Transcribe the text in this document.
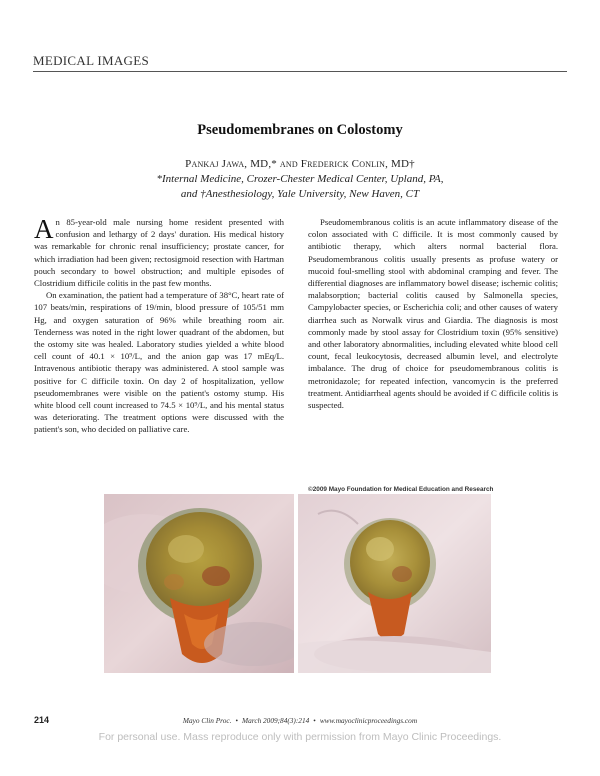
MEDICAL IMAGES
Pseudomembranes on Colostomy
Pankaj Jawa, MD,* and Frederick Conlin, MD†
*Internal Medicine, Crozer-Chester Medical Center, Upland, PA,
and †Anesthesiology, Yale University, New Haven, CT

An 85-year-old male nursing home resident presented with confusion and lethargy of 2 days' duration. His medical history was remarkable for chronic renal insufficiency; prostate cancer, for which irradiation had been given; rectosigmoid resection with Hartman pouch secondary to bowel obstruction; and multiple episodes of Clostridium difficile colitis in the past few months.

On examination, the patient had a temperature of 38°C, heart rate of 107 beats/min, respirations of 19/min, blood pressure of 105/51 mm Hg, and oxygen saturation of 96% while breathing room air. Tenderness was noted in the right lower quadrant of the abdomen, but the ostomy site was healed. Laboratory studies yielded a white blood cell count of 40.1 × 10⁹/L, and the anion gap was 17 mEq/L. Intravenous antibiotic therapy was administered. A stool sample was positive for C difficile toxin. On day 2 of hospitalization, yellow pseudomembranes were visible on the patient's ostomy stump. His white blood cell count increased to 74.5 × 10⁹/L, and his mental status was deteriorating. The treatment options were discussed with the patient's son, who decided on palliative care.

Pseudomembranous colitis is an acute inflammatory disease of the colon associated with C difficile. It is most commonly caused by antibiotic therapy, which alters normal bacterial flora. Pseudomembranous colitis usually presents as profuse watery or mucoid foul-smelling stool with abdominal cramping and fever. The differential diagnoses are inflammatory bowel disease; ischemic colitis; malabsorption; bacterial colitis caused by Salmonella species, Campylobacter species, or Escherichia coli; and other causes of watery diarrhea such as Norwalk virus and Giardia. The diagnosis is most commonly made by stool assay for Clostridium toxin (95% sensitive) and other laboratory abnormalities, including elevated white blood cell count, fecal leukocytosis, decreased albumin level, and electrolyte imbalance. The drug of choice for pseudomembranous colitis is metronidazole; for repeated infection, vancomycin is the preferred treatment. Antidiarrheal agents should be avoided if C difficile colitis is suspected.

©2009 Mayo Foundation for Medical Education and Research
214	Mayo Clin Proc. • March 2009;84(3):214 • www.mayoclinicproceedings.com
For personal use. Mass reproduce only with permission from Mayo Clinic Proceedings.
